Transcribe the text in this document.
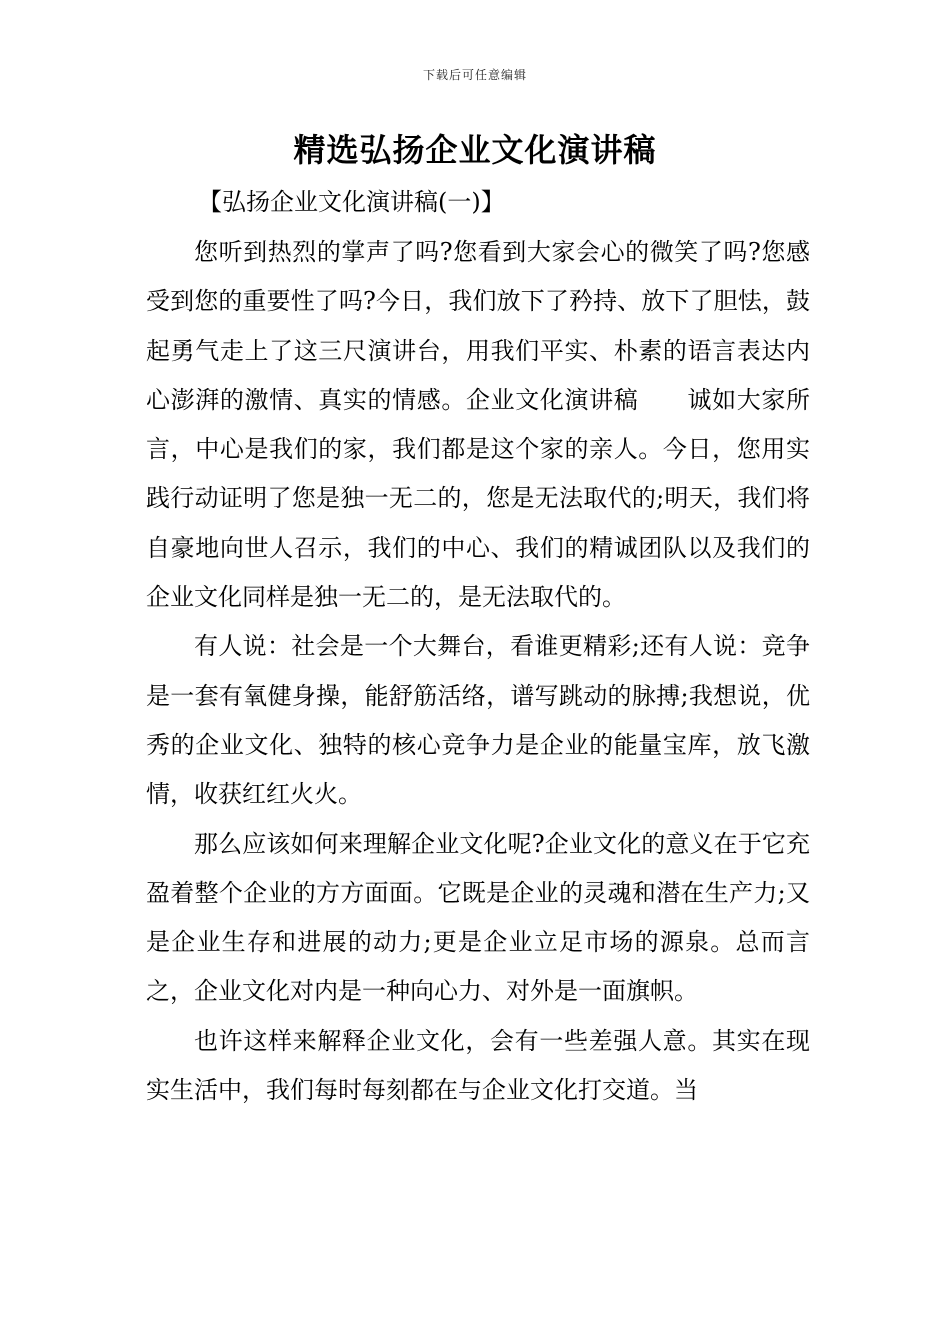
下载后可任意编辑
精选弘扬企业文化演讲稿
【弘扬企业文化演讲稿(一)】

您听到热烈的掌声了吗?您看到大家会心的微笑了吗?您感受到您的重要性了吗?今日，我们放下了矜持、放下了胆怯，鼓起勇气走上了这三尺演讲台，用我们平实、朴素的语言表达内心澎湃的激情、真实的情感。企业文化演讲稿　　诚如大家所言，中心是我们的家，我们都是这个家的亲人。今日，您用实践行动证明了您是独一无二的，您是无法取代的;明天，我们将自豪地向世人召示，我们的中心、我们的精诚团队以及我们的企业文化同样是独一无二的，是无法取代的。

有人说：社会是一个大舞台，看谁更精彩;还有人说：竞争是一套有氧健身操，能舒筋活络，谱写跳动的脉搏;我想说，优秀的企业文化、独特的核心竞争力是企业的能量宝库，放飞激情，收获红红火火。

那么应该如何来理解企业文化呢?企业文化的意义在于它充盈着整个企业的方方面面。它既是企业的灵魂和潜在生产力;又是企业生存和进展的动力;更是企业立足市场的源泉。总而言之，企业文化对内是一种向心力、对外是一面旗帜。

也许这样来解释企业文化，会有一些差强人意。其实在现实生活中，我们每时每刻都在与企业文化打交道。当
